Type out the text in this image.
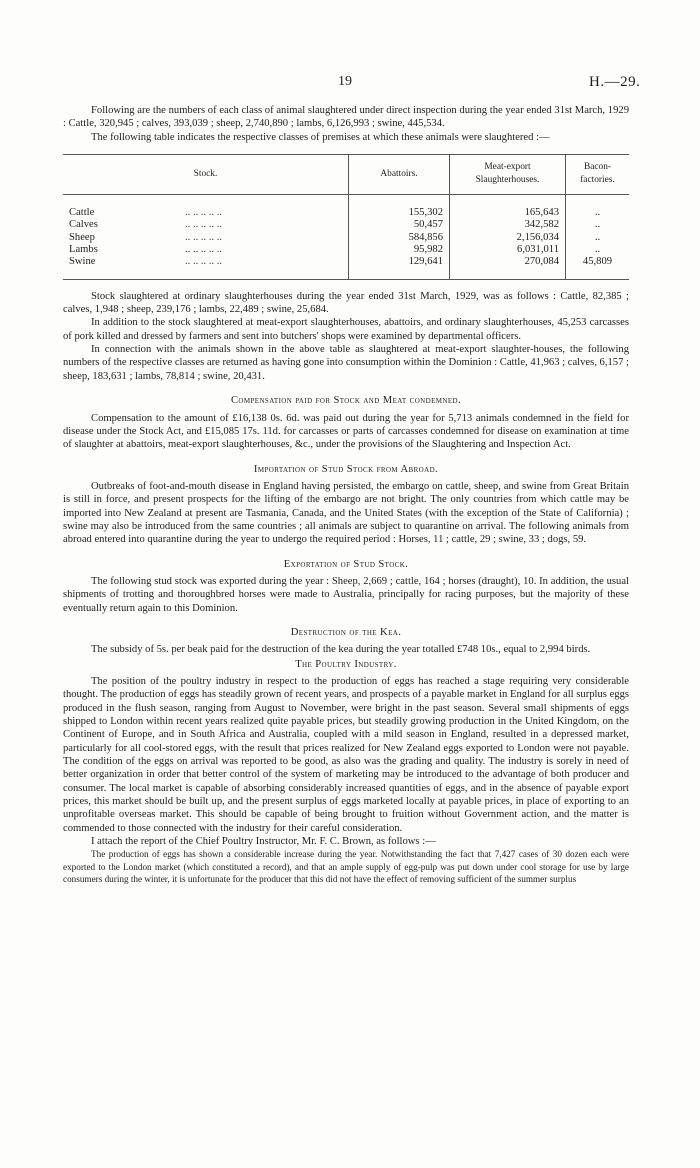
19	H.—29.

Following are the numbers of each class of animal slaughtered under direct inspection during the year ended 31st March, 1929 : Cattle, 320,945 ; calves, 393,039 ; sheep, 2,740,890 ; lambs, 6,126,993 ; swine, 445,534.

The following table indicates the respective classes of premises at which these animals were slaughtered :—

Stock.	Abattoirs.	Meat-export Slaughterhouses.	Bacon-factories.

Cattle .. .. .. .. ..	155,302	165,643	..
Calves .. .. .. .. ..	50,457	342,582	..
Sheep .. .. .. .. ..	584,856	2,156,034	..
Lambs .. .. .. .. ..	95,982	6,031,011	..
Swine .. .. .. .. ..	129,641	270,084	45,809

Stock slaughtered at ordinary slaughterhouses during the year ended 31st March, 1929, was as follows : Cattle, 82,385 ; calves, 1,948 ; sheep, 239,176 ; lambs, 22,489 ; swine, 25,684.

In addition to the stock slaughtered at meat-export slaughterhouses, abattoirs, and ordinary slaughterhouses, 45,253 carcasses of pork killed and dressed by farmers and sent into butchers' shops were examined by departmental officers.

In connection with the animals shown in the above table as slaughtered at meat-export slaughter-houses, the following numbers of the respective classes are returned as having gone into consumption within the Dominion : Cattle, 41,963 ; calves, 6,157 ; sheep, 183,631 ; lambs, 78,814 ; swine, 20,431.

Compensation paid for Stock and Meat condemned.

Compensation to the amount of £16,138 0s. 6d. was paid out during the year for 5,713 animals condemned in the field for disease under the Stock Act, and £15,085 17s. 11d. for carcasses or parts of carcasses condemned for disease on examination at time of slaughter at abattoirs, meat-export slaughterhouses, &c., under the provisions of the Slaughtering and Inspection Act.

Importation of Stud Stock from Abroad.

Outbreaks of foot-and-mouth disease in England having persisted, the embargo on cattle, sheep, and swine from Great Britain is still in force, and present prospects for the lifting of the embargo are not bright. The only countries from which cattle may be imported into New Zealand at present are Tasmania, Canada, and the United States (with the exception of the State of California) ; swine may also be introduced from the same countries ; all animals are subject to quarantine on arrival. The following animals from abroad entered into quarantine during the year to undergo the required period : Horses, 11 ; cattle, 29 ; swine, 33 ; dogs, 59.

Exportation of Stud Stock.

The following stud stock was exported during the year : Sheep, 2,669 ; cattle, 164 ; horses (draught), 10. In addition, the usual shipments of trotting and thoroughbred horses were made to Australia, principally for racing purposes, but the majority of these eventually return again to this Dominion.

Destruction of the Kea.

The subsidy of 5s. per beak paid for the destruction of the kea during the year totalled £748 10s., equal to 2,994 birds.

The Poultry Industry.

The position of the poultry industry in respect to the production of eggs has reached a stage requiring very considerable thought. The production of eggs has steadily grown of recent years, and prospects of a payable market in England for all surplus eggs produced in the flush season, ranging from August to November, were bright in the past season. Several small shipments of eggs shipped to London within recent years realized quite payable prices, but steadily growing production in the United Kingdom, on the Continent of Europe, and in South Africa and Australia, coupled with a mild season in England, resulted in a depressed market, particularly for all cool-stored eggs, with the result that prices realized for New Zealand eggs exported to London were not payable. The condition of the eggs on arrival was reported to be good, as also was the grading and quality. The industry is sorely in need of better organization in order that better control of the system of marketing may be introduced to the advantage of both producer and consumer. The local market is capable of absorbing considerably increased quantities of eggs, and in the absence of payable export prices, this market should be built up, and the present surplus of eggs marketed locally at payable prices, in place of exporting to an unprofitable overseas market. This should be capable of being brought to fruition without Government action, and the matter is commended to those connected with the industry for their careful consideration.

I attach the report of the Chief Poultry Instructor, Mr. F. C. Brown, as follows :—

The production of eggs has shown a considerable increase during the year. Notwithstanding the fact that 7,427 cases of 30 dozen each were exported to the London market (which constituted a record), and that an ample supply of egg-pulp was put down under cool storage for use by large consumers during the winter, it is unfortunate for the producer that this did not have the effect of removing sufficient of the summer surplus
